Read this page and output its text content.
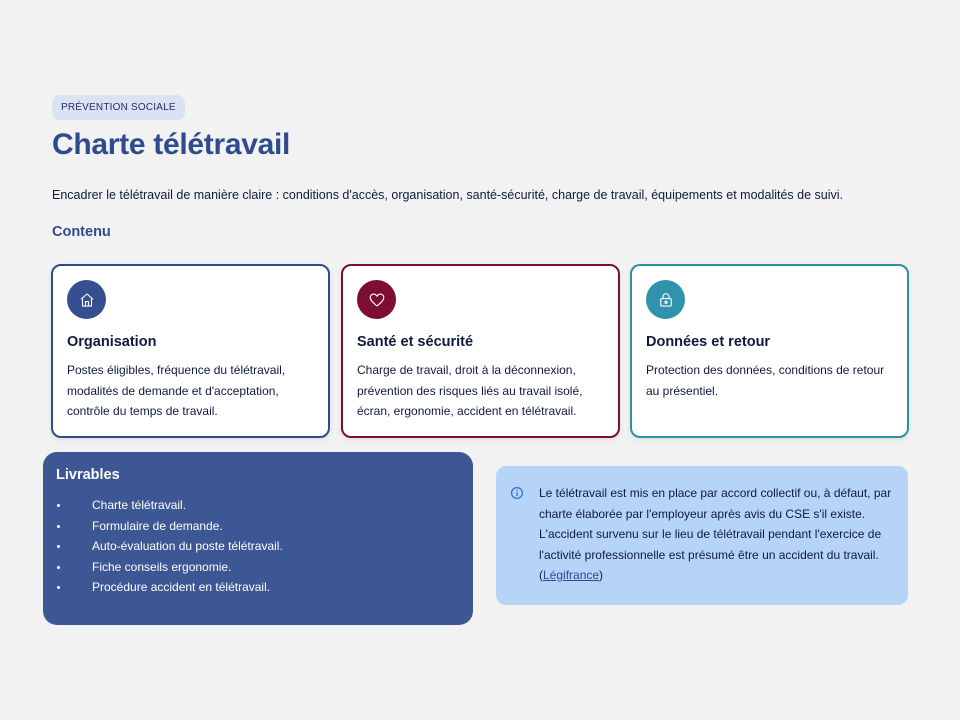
PRÉVENTION SOCIALE
Charte télétravail

Encadrer le télétravail de manière claire : conditions d'accès, organisation, santé-sécurité, charge de travail, équipements et modalités de suivi.

Contenu
Organisation

Postes éligibles, fréquence du télétravail, modalités de demande et d'acceptation, contrôle du temps de travail.

Santé et sécurité

Charge de travail, droit à la déconnexion, prévention des risques liés au travail isolé, écran, ergonomie, accident en télétravail.

Données et retour

Protection des données, conditions de retour au présentiel.

Livrables
Charte télétravail.
Formulaire de demande.
Auto-évaluation du poste télétravail.
Fiche conseils ergonomie.
Procédure accident en télétravail.
Le télétravail est mis en place par accord collectif ou, à défaut, par charte élaborée par l'employeur après avis du CSE s'il existe. L'accident survenu sur le lieu de télétravail pendant l'exercice de l'activité professionnelle est présumé être un accident du travail.
(Légifrance)
